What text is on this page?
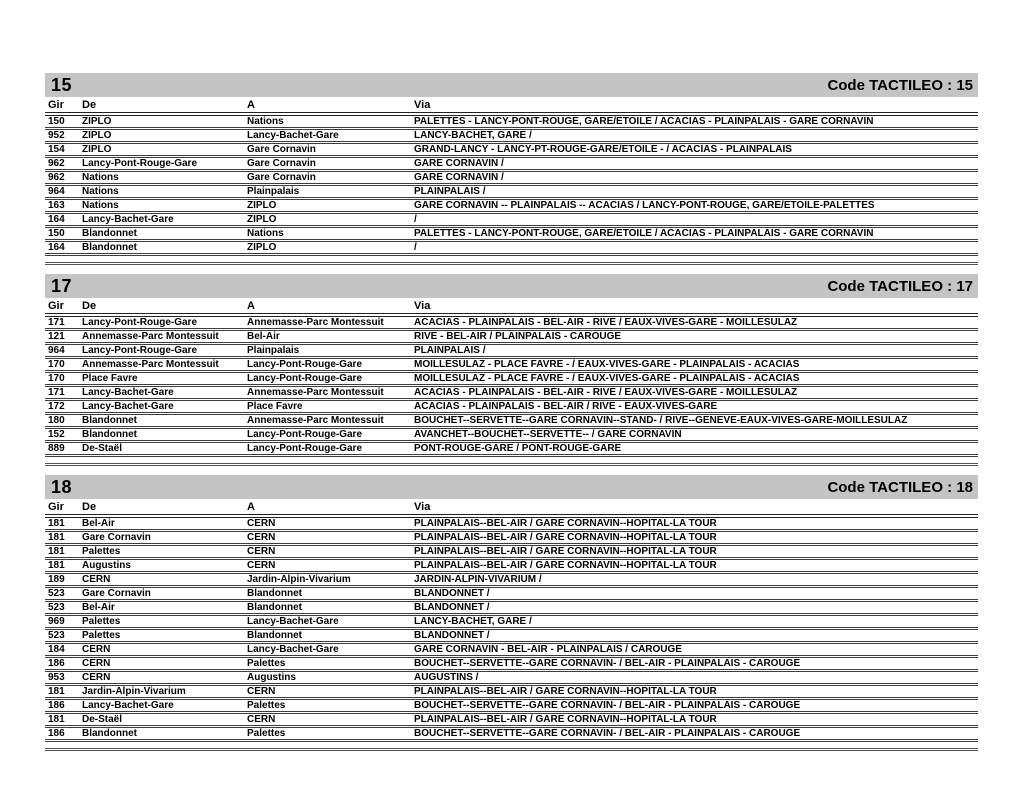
15	Code TACTILEO : 15
Gir	De	A	Via
150	ZIPLO	Nations	PALETTES - LANCY-PONT-ROUGE, GARE/ETOILE / ACACIAS - PLAINPALAIS - GARE CORNAVIN
952	ZIPLO	Lancy-Bachet-Gare	LANCY-BACHET, GARE /
154	ZIPLO	Gare Cornavin	GRAND-LANCY - LANCY-PT-ROUGE-GARE/ETOILE - / ACACIAS - PLAINPALAIS
962	Lancy-Pont-Rouge-Gare	Gare Cornavin	GARE CORNAVIN /
962	Nations	Gare Cornavin	GARE CORNAVIN /
964	Nations	Plainpalais	PLAINPALAIS /
163	Nations	ZIPLO	GARE CORNAVIN -- PLAINPALAIS -- ACACIAS / LANCY-PONT-ROUGE, GARE/ETOILE-PALETTES
164	Lancy-Bachet-Gare	ZIPLO	/
150	Blandonnet	Nations	PALETTES - LANCY-PONT-ROUGE, GARE/ETOILE / ACACIAS - PLAINPALAIS - GARE CORNAVIN
164	Blandonnet	ZIPLO	/
17	Code TACTILEO : 17
Gir	De	A	Via
171	Lancy-Pont-Rouge-Gare	Annemasse-Parc Montessuit	ACACIAS - PLAINPALAIS - BEL-AIR - RIVE / EAUX-VIVES-GARE - MOILLESULAZ
121	Annemasse-Parc Montessuit	Bel-Air	RIVE - BEL-AIR / PLAINPALAIS - CAROUGE
964	Lancy-Pont-Rouge-Gare	Plainpalais	PLAINPALAIS /
170	Annemasse-Parc Montessuit	Lancy-Pont-Rouge-Gare	MOILLESULAZ - PLACE FAVRE - / EAUX-VIVES-GARE - PLAINPALAIS - ACACIAS
170	Place Favre	Lancy-Pont-Rouge-Gare	MOILLESULAZ - PLACE FAVRE - / EAUX-VIVES-GARE - PLAINPALAIS - ACACIAS
171	Lancy-Bachet-Gare	Annemasse-Parc Montessuit	ACACIAS - PLAINPALAIS - BEL-AIR - RIVE / EAUX-VIVES-GARE - MOILLESULAZ
172	Lancy-Bachet-Gare	Place Favre	ACACIAS - PLAINPALAIS - BEL-AIR / RIVE - EAUX-VIVES-GARE
180	Blandonnet	Annemasse-Parc Montessuit	BOUCHET--SERVETTE--GARE CORNAVIN--STAND- / RIVE--GENEVE-EAUX-VIVES-GARE-MOILLESULAZ
152	Blandonnet	Lancy-Pont-Rouge-Gare	AVANCHET--BOUCHET--SERVETTE-- / GARE CORNAVIN
889	De-Staël	Lancy-Pont-Rouge-Gare	PONT-ROUGE-GARE / PONT-ROUGE-GARE
18	Code TACTILEO : 18
Gir	De	A	Via
181	Bel-Air	CERN	PLAINPALAIS--BEL-AIR / GARE CORNAVIN--HOPITAL-LA TOUR
181	Gare Cornavin	CERN	PLAINPALAIS--BEL-AIR / GARE CORNAVIN--HOPITAL-LA TOUR
181	Palettes	CERN	PLAINPALAIS--BEL-AIR / GARE CORNAVIN--HOPITAL-LA TOUR
181	Augustins	CERN	PLAINPALAIS--BEL-AIR / GARE CORNAVIN--HOPITAL-LA TOUR
189	CERN	Jardin-Alpin-Vivarium	JARDIN-ALPIN-VIVARIUM /
523	Gare Cornavin	Blandonnet	BLANDONNET /
523	Bel-Air	Blandonnet	BLANDONNET /
969	Palettes	Lancy-Bachet-Gare	LANCY-BACHET, GARE /
523	Palettes	Blandonnet	BLANDONNET /
184	CERN	Lancy-Bachet-Gare	GARE CORNAVIN - BEL-AIR - PLAINPALAIS / CAROUGE
186	CERN	Palettes	BOUCHET--SERVETTE--GARE CORNAVIN- / BEL-AIR - PLAINPALAIS - CAROUGE
953	CERN	Augustins	AUGUSTINS /
181	Jardin-Alpin-Vivarium	CERN	PLAINPALAIS--BEL-AIR / GARE CORNAVIN--HOPITAL-LA TOUR
186	Lancy-Bachet-Gare	Palettes	BOUCHET--SERVETTE--GARE CORNAVIN- / BEL-AIR - PLAINPALAIS - CAROUGE
181	De-Staël	CERN	PLAINPALAIS--BEL-AIR / GARE CORNAVIN--HOPITAL-LA TOUR
186	Blandonnet	Palettes	BOUCHET--SERVETTE--GARE CORNAVIN- / BEL-AIR - PLAINPALAIS - CAROUGE
